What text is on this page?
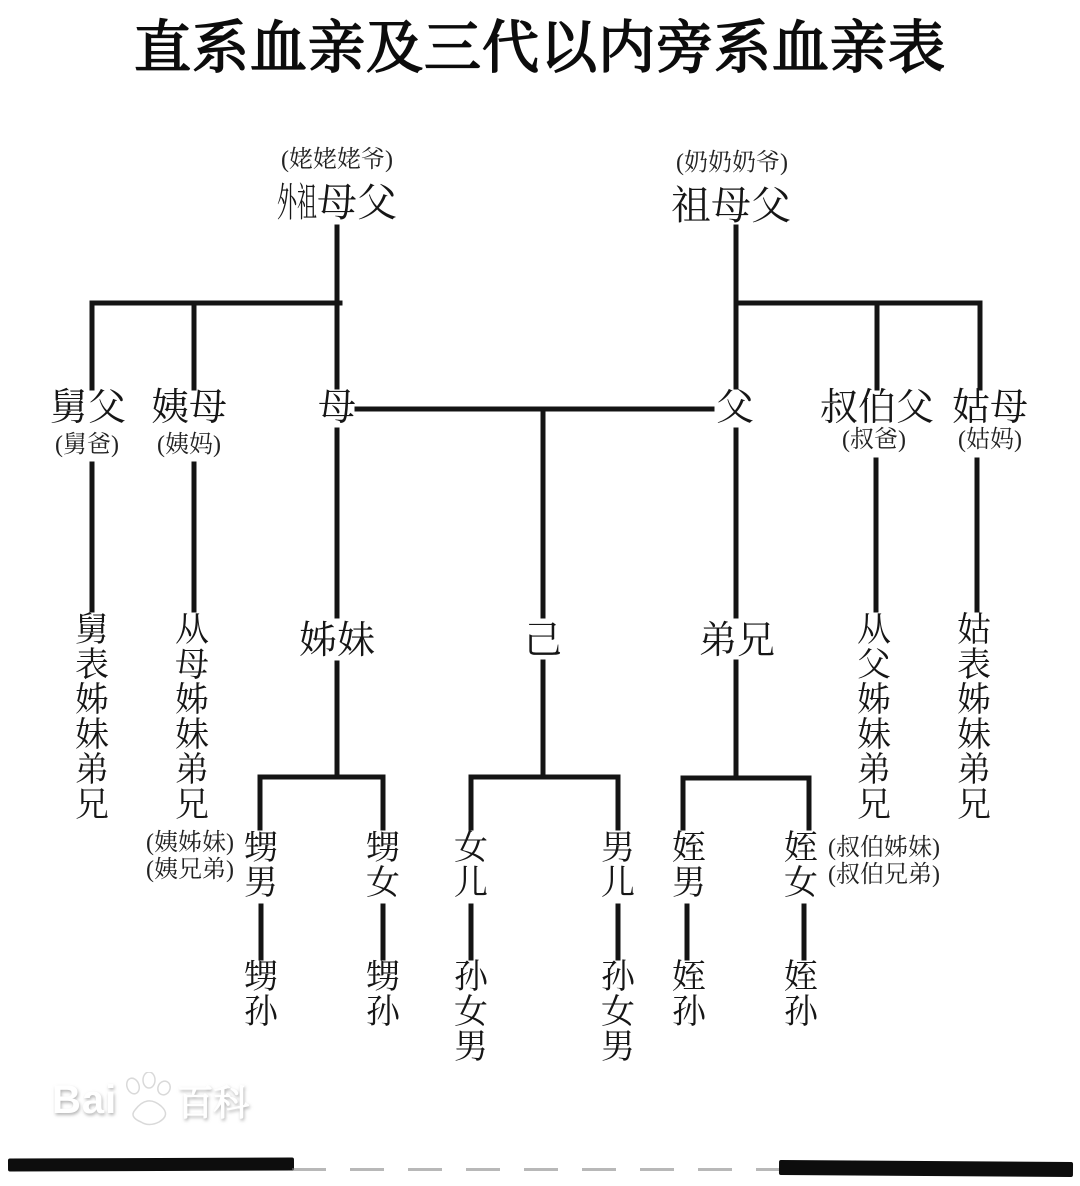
直系血亲及三代以内旁系血亲表
(姥姥姥爷)
外祖母父
(奶奶奶爷)
祖母父
舅父
(舅爸)
姨母
(姨妈)
母	父 叔伯父
(叔爸)
姑母
(姑妈)
舅表姊妹弟兄
从母姊妹弟兄
(姨姊妹)
(姨兄弟)
姊妹	己	弟兄 从父姊妹弟兄
(叔伯姊妹)
(叔伯兄弟)
姑表姊妹弟兄
甥男
甥女
女儿
男儿
姪男
姪女
甥孙
甥孙
孙女男
孙女男
姪孙
姪孙
Bai 百科
